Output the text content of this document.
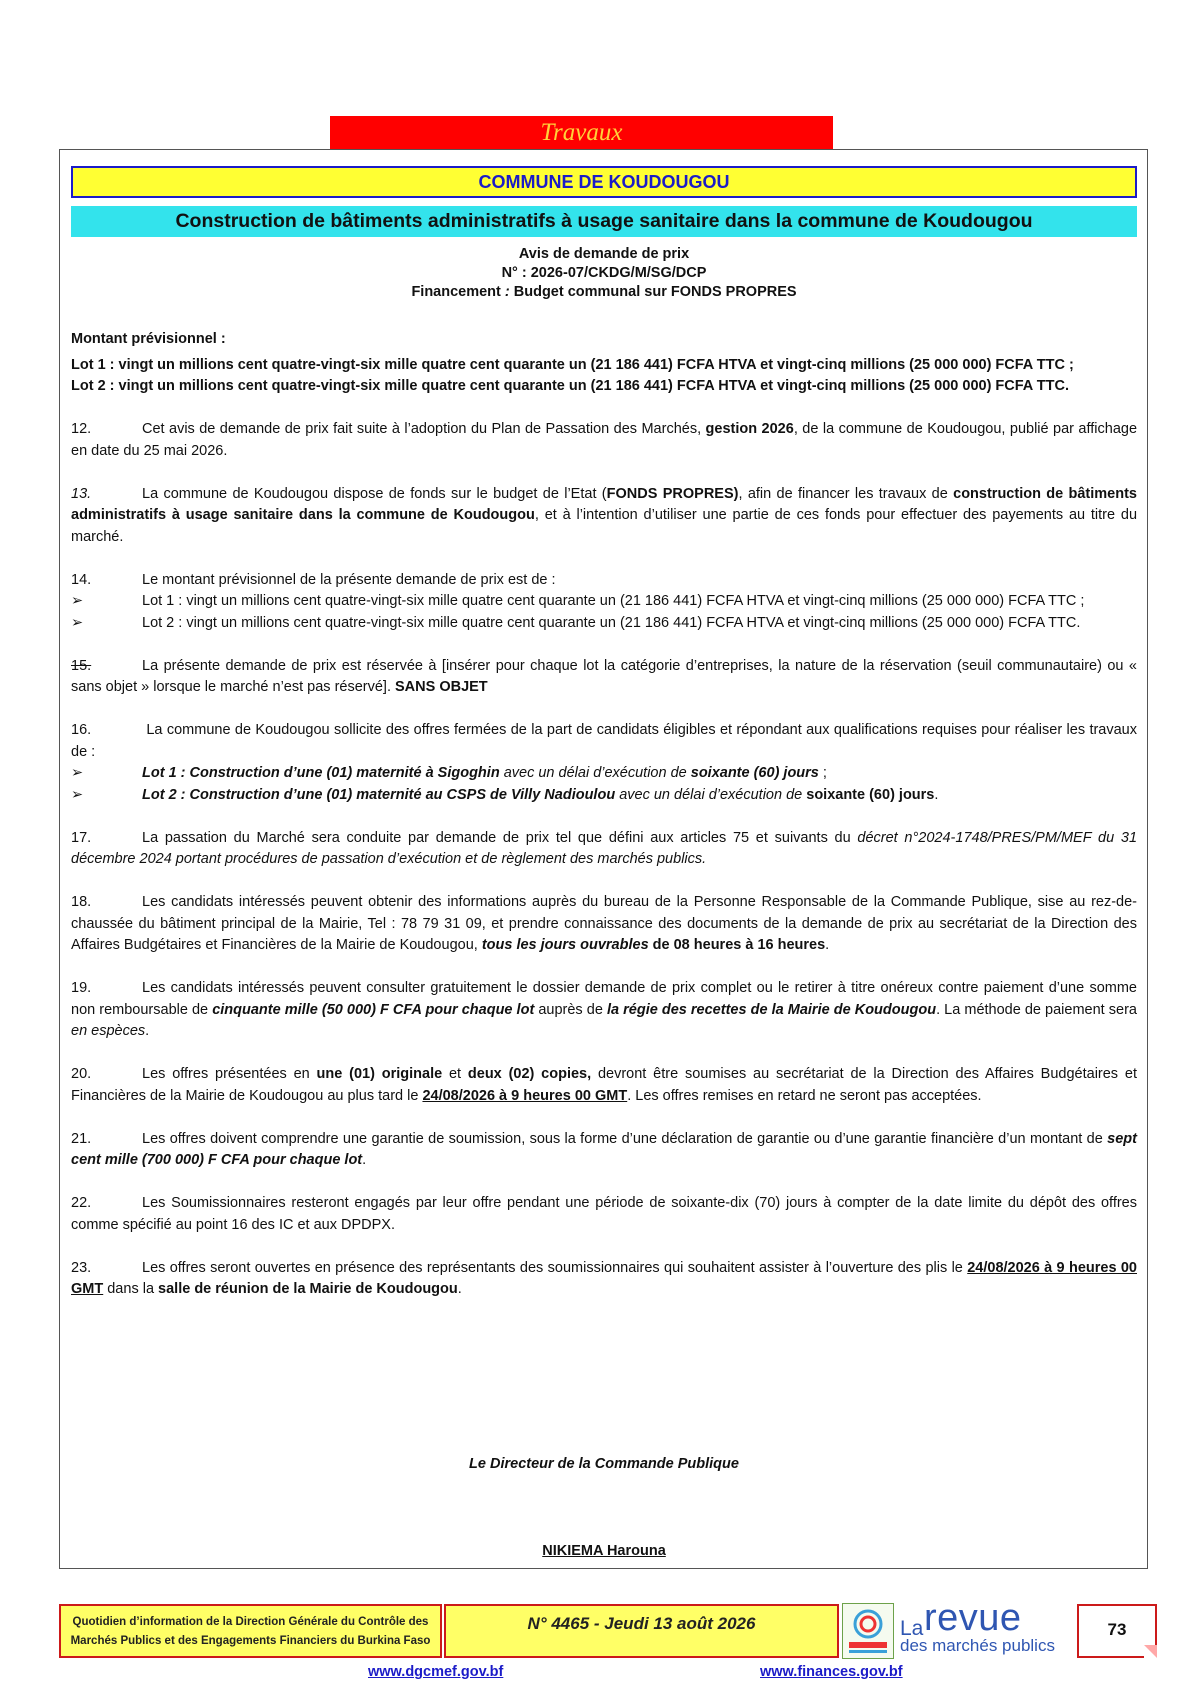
Travaux
COMMUNE DE KOUDOUGOU
Construction de bâtiments administratifs à usage sanitaire dans la commune de Koudougou
Avis de demande de prix
N° : 2026-07/CKDG/M/SG/DCP
Financement : Budget communal sur FONDS PROPRES

Montant prévisionnel :

Lot 1 : vingt un millions cent quatre-vingt-six mille quatre cent quarante un (21 186 441) FCFA HTVA et vingt-cinq millions (25 000 000) FCFA TTC ;

Lot 2 : vingt un millions cent quatre-vingt-six mille quatre cent quarante un (21 186 441) FCFA HTVA et vingt-cinq millions (25 000 000) FCFA TTC.

12.	Cet avis de demande de prix fait suite à l’adoption du Plan de Passation des Marchés, gestion 2026, de la commune de Koudougou, publié par affichage en date du 25 mai 2026.

13.	La commune de Koudougou dispose de fonds sur le budget de l’Etat (FONDS PROPRES), afin de financer les travaux de construction de bâtiments administratifs à usage sanitaire dans la commune de Koudougou, et à l’intention d’utiliser une partie de ces fonds pour effectuer des payements au titre du marché.

14.	Le montant prévisionnel de la présente demande de prix est de :

➢	Lot 1 : vingt un millions cent quatre-vingt-six mille quatre cent quarante un (21 186 441) FCFA HTVA et vingt-cinq millions (25 000 000) FCFA TTC ;

➢	Lot 2 : vingt un millions cent quatre-vingt-six mille quatre cent quarante un (21 186 441) FCFA HTVA et vingt-cinq millions (25 000 000) FCFA TTC.

15.	La présente demande de prix est réservée à [insérer pour chaque lot la catégorie d’entreprises, la nature de la réservation (seuil communautaire) ou « sans objet » lorsque le marché n’est pas réservé]. SANS OBJET

16.	La commune de Koudougou sollicite des offres fermées de la part de candidats éligibles et répondant aux qualifications requises pour réaliser les travaux de :

➢	Lot 1 : Construction d’une (01) maternité à Sigoghin avec un délai d’exécution de soixante (60) jours ;

➢	Lot 2 : Construction d’une (01) maternité au CSPS de Villy Nadioulou avec un délai d’exécution de soixante (60) jours.

17.	La passation du Marché sera conduite par demande de prix tel que défini aux articles 75 et suivants du décret n°2024-1748/PRES/PM/MEF du 31 décembre 2024 portant procédures de passation d’exécution et de règlement des marchés publics.

18.	Les candidats intéressés peuvent obtenir des informations auprès du bureau de la Personne Responsable de la Commande Publique, sise au rez-de-chaussée du bâtiment principal de la Mairie, Tel : 78 79 31 09, et prendre connaissance des documents de la demande de prix au secrétariat de la Direction des Affaires Budgétaires et Financières de la Mairie de Koudougou, tous les jours ouvrables de 08 heures à 16 heures.

19.	Les candidats intéressés peuvent consulter gratuitement le dossier demande de prix complet ou le retirer à titre onéreux contre paiement d’une somme non remboursable de cinquante mille (50 000) F CFA pour chaque lot auprès de la régie des recettes de la Mairie de Koudougou. La méthode de paiement sera en espèces.

20.	Les offres présentées en une (01) originale et deux (02) copies, devront être soumises au secrétariat de la Direction des Affaires Budgétaires et Financières de la Mairie de Koudougou au plus tard le 24/08/2026 à 9 heures 00 GMT. Les offres remises en retard ne seront pas acceptées.

21.	Les offres doivent comprendre une garantie de soumission, sous la forme d’une déclaration de garantie ou d’une garantie financière d’un montant de sept cent mille (700 000) F CFA pour chaque lot.

22.	Les Soumissionnaires resteront engagés par leur offre pendant une période de soixante-dix (70) jours à compter de la date limite du dépôt des offres comme spécifié au point 16 des IC et aux DPDPX.

23.	Les offres seront ouvertes en présence des représentants des soumissionnaires qui souhaitent assister à l’ouverture des plis le 24/08/2026 à 9 heures 00 GMT dans la salle de réunion de la Mairie de Koudougou.

Le Directeur de la Commande Publique
NIKIEMA Harouna
Quotidien d’information de la Direction Générale du Contrôle des
Marchés Publics et des Engagements Financiers du Burkina Faso
N° 4465 - Jeudi 13 août 2026	La revue
des marchés publics
73
www.dgcmef.gov.bf	www.finances.gov.bf
